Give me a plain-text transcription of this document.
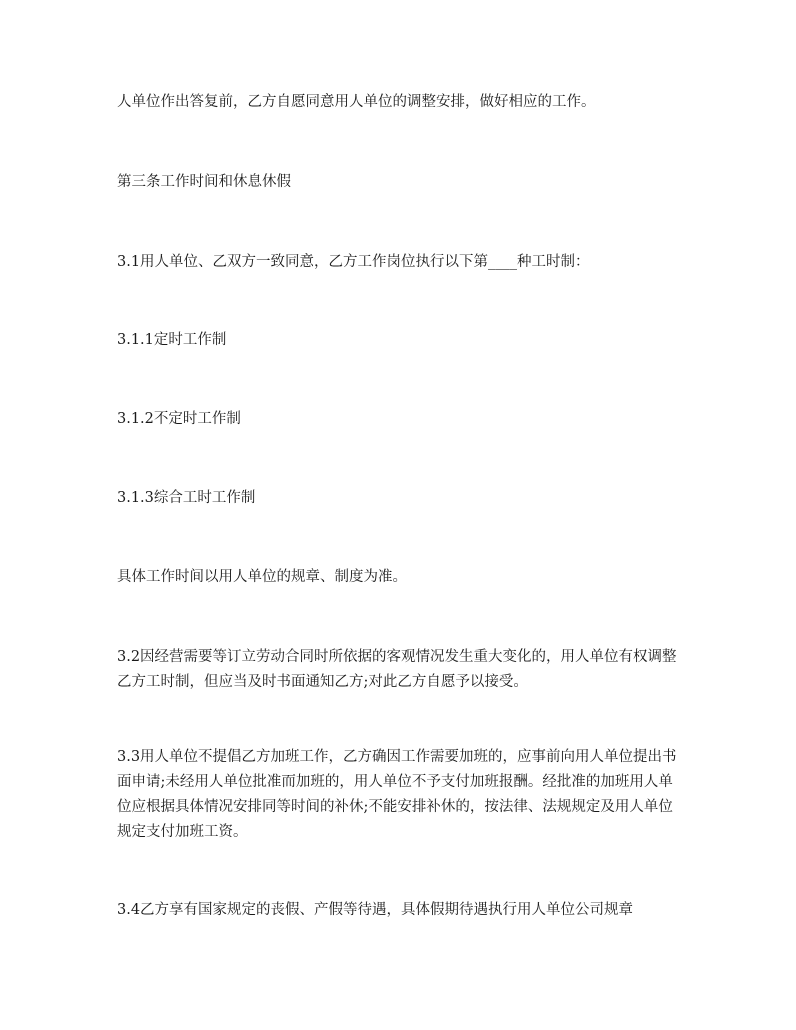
人单位作出答复前，乙方自愿同意用人单位的调整安排，做好相应的工作。

第三条工作时间和休息休假

3.1用人单位、乙双方一致同意，乙方工作岗位执行以下第____种工时制：

3.1.1定时工作制

3.1.2不定时工作制

3.1.3综合工时工作制

具体工作时间以用人单位的规章、制度为准。

3.2因经营需要等订立劳动合同时所依据的客观情况发生重大变化的，用人单位有权调整乙方工时制，但应当及时书面通知乙方;对此乙方自愿予以接受。

3.3用人单位不提倡乙方加班工作，乙方确因工作需要加班的，应事前向用人单位提出书面申请;未经用人单位批准而加班的，用人单位不予支付加班报酬。经批准的加班用人单位应根据具体情况安排同等时间的补休;不能安排补休的，按法律、法规规定及用人单位规定支付加班工资。

3.4乙方享有国家规定的丧假、产假等待遇，具体假期待遇执行用人单位公司规章
